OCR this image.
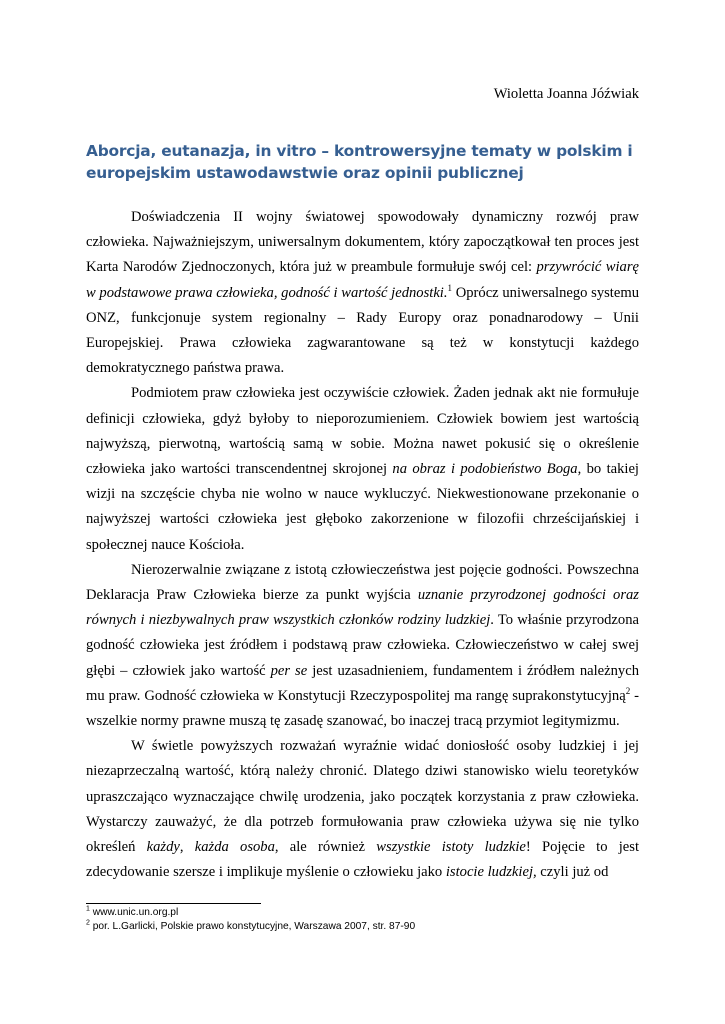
Wioletta Joanna Jóźwiak
Aborcja, eutanazja, in vitro – kontrowersyjne tematy w polskim i europejskim ustawodawstwie oraz opinii publicznej

Doświadczenia II wojny światowej spowodowały dynamiczny rozwój praw człowieka. Najważniejszym, uniwersalnym dokumentem, który zapoczątkował ten proces jest Karta Narodów Zjednoczonych, która już w preambule formułuje swój cel: przywrócić wiarę w podstawowe prawa człowieka, godność i wartość jednostki.$^1$ Oprócz uniwersalnego systemu ONZ, funkcjonuje system regionalny – Rady Europy oraz ponadnarodowy – Unii Europejskiej. Prawa człowieka zagwarantowane są też w konstytucji każdego demokratycznego państwa prawa.

Podmiotem praw człowieka jest oczywiście człowiek. Żaden jednak akt nie formułuje definicji człowieka, gdyż byłoby to nieporozumieniem. Człowiek bowiem jest wartością najwyższą, pierwotną, wartością samą w sobie. Można nawet pokusić się o określenie człowieka jako wartości transcendentnej skrojonej na obraz i podobieństwo Boga, bo takiej wizji na szczęście chyba nie wolno w nauce wykluczyć. Niekwestionowane przekonanie o najwyższej wartości człowieka jest głęboko zakorzenione w filozofii chrześcijańskiej i społecznej nauce Kościoła.

Nierozerwalnie związane z istotą człowieczeństwa jest pojęcie godności. Powszechna Deklaracja Praw Człowieka bierze za punkt wyjścia uznanie przyrodzonej godności oraz równych i niezbywalnych praw wszystkich członków rodziny ludzkiej. To właśnie przyrodzona godność człowieka jest źródłem i podstawą praw człowieka. Człowieczeństwo w całej swej głębi – człowiek jako wartość per se jest uzasadnieniem, fundamentem i źródłem należnych mu praw. Godność człowieka w Konstytucji Rzeczypospolitej ma rangę suprakonstytucyjną$^2$ - wszelkie normy prawne muszą tę zasadę szanować, bo inaczej tracą przymiot legitymizmu.

W świetle powyższych rozważań wyraźnie widać doniosłość osoby ludzkiej i jej niezaprzeczalną wartość, którą należy chronić. Dlatego dziwi stanowisko wielu teoretyków upraszczająco wyznaczające chwilę urodzenia, jako początek korzystania z praw człowieka. Wystarczy zauważyć, że dla potrzeb formułowania praw człowieka używa się nie tylko określeń każdy, każda osoba, ale również wszystkie istoty ludzkie! Pojęcie to jest zdecydowanie szersze i implikuje myślenie o człowieku jako istocie ludzkiej, czyli już od

$^1$ www.unic.un.org.pl
$^2$ por. L.Garlicki, Polskie prawo konstytucyjne, Warszawa 2007, str. 87-90
